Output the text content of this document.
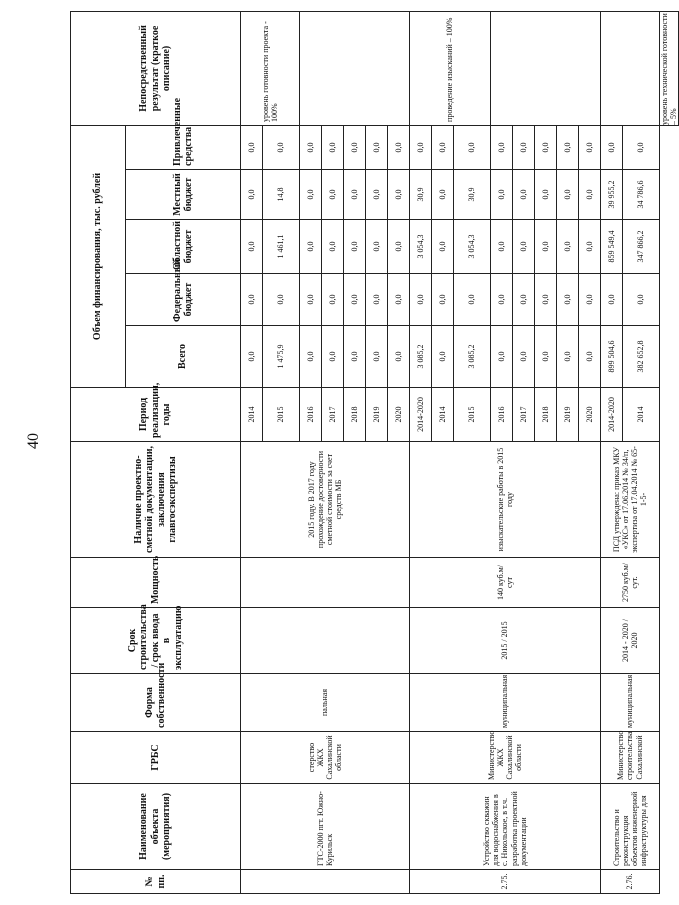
40
№ пп.	Наименование объекта (мероприятия)	ГРБС	Форма собственности	Срок строительства / срок ввода в эксплуатацию	Мощность	Наличие проектно-сметной документации, заключения главгосэкспертизы	Период реализации, годы	Объем финансирования, тыс. рублей					Непосредственный результат (краткое описание)
								Всего	Федеральный бюджет	Областной бюджет	Местный бюджет	Привлеченные средства	
	ГТС-2000 пгт. Южно-Курильск	стерство ЖКХ Сахалинской области	пальная			2015 году. В 2017 году прохождение достоверности сметной стоимости за счет средств МБ	2014	0,0	0,0	0,0	0,0	0,0	уровень готовности проекта - 100%
							2015	1 475,9	0,0	1 461,1	14,8	0,0	
							2016	0,0	0,0	0,0	0,0	0,0	
							2017	0,0	0,0	0,0	0,0	0,0	
							2018	0,0	0,0	0,0	0,0	0,0	
							2019	0,0	0,0	0,0	0,0	0,0	
							2020	0,0	0,0	0,0	0,0	0,0	
2.75.	Устройство скважин для водоснабжения в с. Никольское, в т.ч. разработка проектной документации	Министерство ЖКХ Сахалинской области	муниципальная	2015 / 2015	140 куб.м/сут	изыскательские работы в 2015 году	2014-2020	3 085,2	0,0	3 054,3	30,9	0,0	проведение изысканий – 100%
							2014	0,0	0,0	0,0	0,0	0,0	
							2015	3 085,2	0,0	3 054,3	30,9	0,0	
							2016	0,0	0,0	0,0	0,0	0,0	
							2017	0,0	0,0	0,0	0,0	0,0	
							2018	0,0	0,0	0,0	0,0	0,0	
							2019	0,0	0,0	0,0	0,0	0,0	
							2020	0,0	0,0	0,0	0,0	0,0	
2.76.	Строительство и реконструкция объектов инженерной инфраструктуры для	Министерство строительства Сахалинской	муниципальная	2014 - 2020 / 2020	2750 куб.м/сут.	ПСД утверждена: приказ МКУ «УКС» от 17.06.2014 № 34/п, экспертиза от 17.04.2014 № 65-1-5-	2014-2020	899 504,6	0,0	859 549,4	39 955,2	0,0	
							2014	382 652,8	0,0	347 866,2	34 786,6	0,0	
													уровень технической готовности – 5%
